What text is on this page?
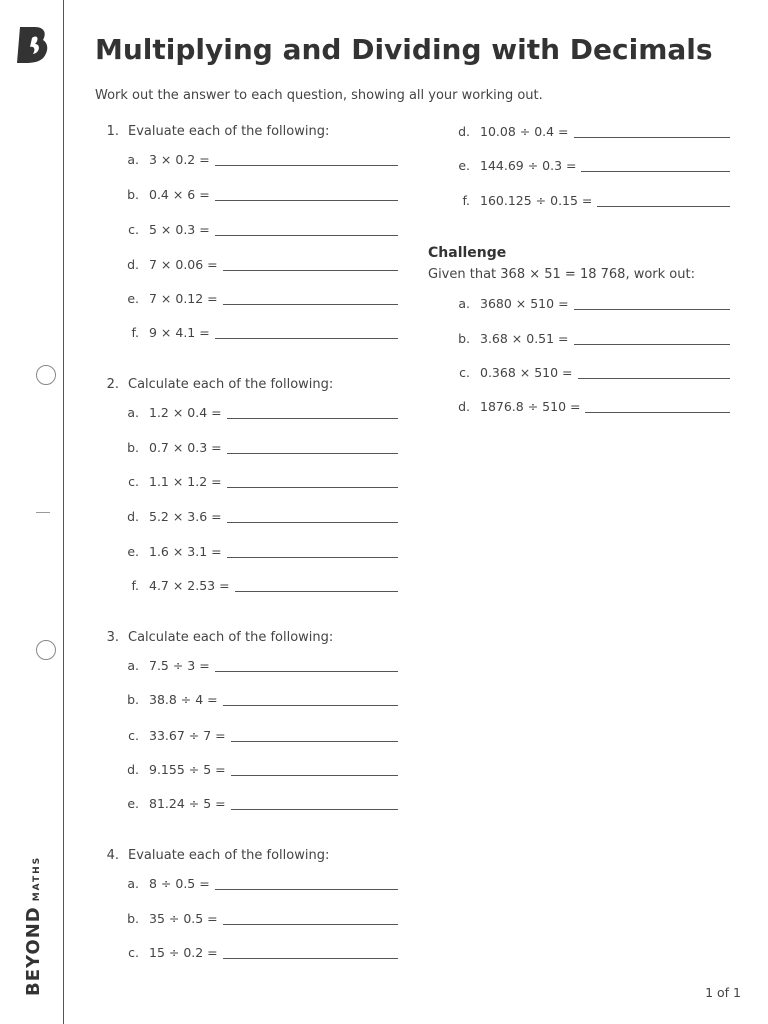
BEYONDMATHS
Multiplying and Dividing with Decimals
Work out the answer to each question, showing all your working out.
1. Evaluate each of the following:
a. 3 × 0.2 =
b. 0.4 × 6 =
c. 5 × 0.3 =
d. 7 × 0.06 =
e. 7 × 0.12 =
f. 9 × 4.1 =
2. Calculate each of the following:
a. 1.2 × 0.4 =
b. 0.7 × 0.3 =
c. 1.1 × 1.2 =
d. 5.2 × 3.6 =
e. 1.6 × 3.1 =
f. 4.7 × 2.53 =
3. Calculate each of the following:
a. 7.5 ÷ 3 =
b. 38.8 ÷ 4 =
c. 33.67 ÷ 7 =
d. 9.155 ÷ 5 =
e. 81.24 ÷ 5 =
4. Evaluate each of the following:
a. 8 ÷ 0.5 =
b. 35 ÷ 0.5 =
c. 15 ÷ 0.2 =
d. 10.08 ÷ 0.4 =
e. 144.69 ÷ 0.3 =
f. 160.125 ÷ 0.15 =
Challenge
Given that 368 × 51 = 18 768, work out:
a. 3680 × 510 =
b. 3.68 × 0.51 =
c. 0.368 × 510 =
d. 1876.8 ÷ 510 =
1 of 1
